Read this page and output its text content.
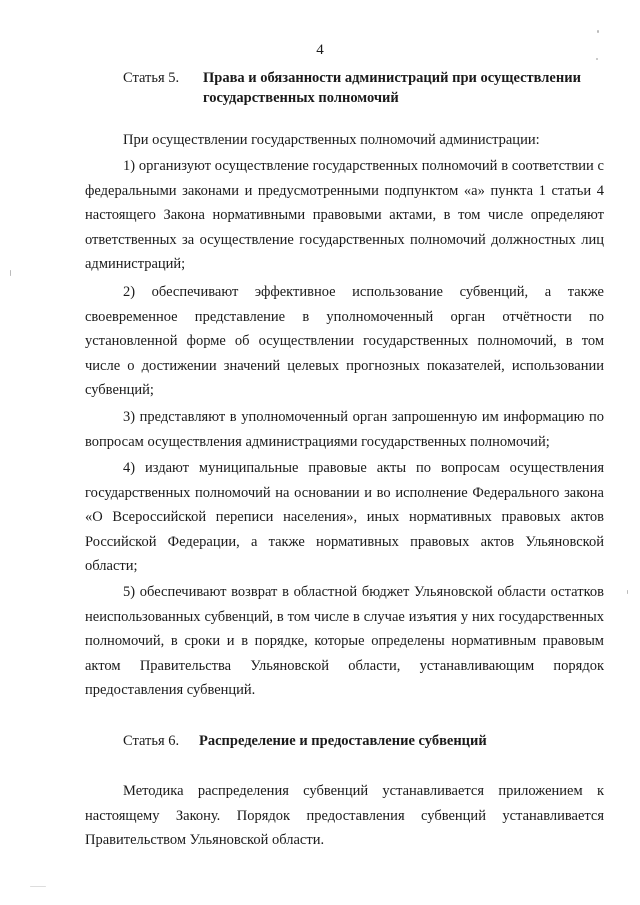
4
Статья 5. Права и обязанности администраций при осуществлении государственных полномочий
При осуществлении государственных полномочий администрации:
1) организуют осуществление государственных полномочий в соответствии с федеральными законами и предусмотренными подпунктом «а» пункта 1 статьи 4 настоящего Закона нормативными правовыми актами, в том числе определяют ответственных за осуществление государственных полномочий должностных лиц администраций;
2) обеспечивают эффективное использование субвенций, а также своевременное представление в уполномоченный орган отчётности по установленной форме об осуществлении государственных полномочий, в том числе о достижении значений целевых прогнозных показателей, использовании субвенций;
3) представляют в уполномоченный орган запрошенную им информацию по вопросам осуществления администрациями государственных полномочий;
4) издают муниципальные правовые акты по вопросам осуществления государственных полномочий на основании и во исполнение Федерального закона «О Всероссийской переписи населения», иных нормативных правовых актов Российской Федерации, а также нормативных правовых актов Ульяновской области;
5) обеспечивают возврат в областной бюджет Ульяновской области остатков неиспользованных субвенций, в том числе в случае изъятия у них государственных полномочий, в сроки и в порядке, которые определены нормативным правовым актом Правительства Ульяновской области, устанавливающим порядок предоставления субвенций.
Статья 6. Распределение и предоставление субвенций
Методика распределения субвенций устанавливается приложением к настоящему Закону. Порядок предоставления субвенций устанавливается Правительством Ульяновской области.
